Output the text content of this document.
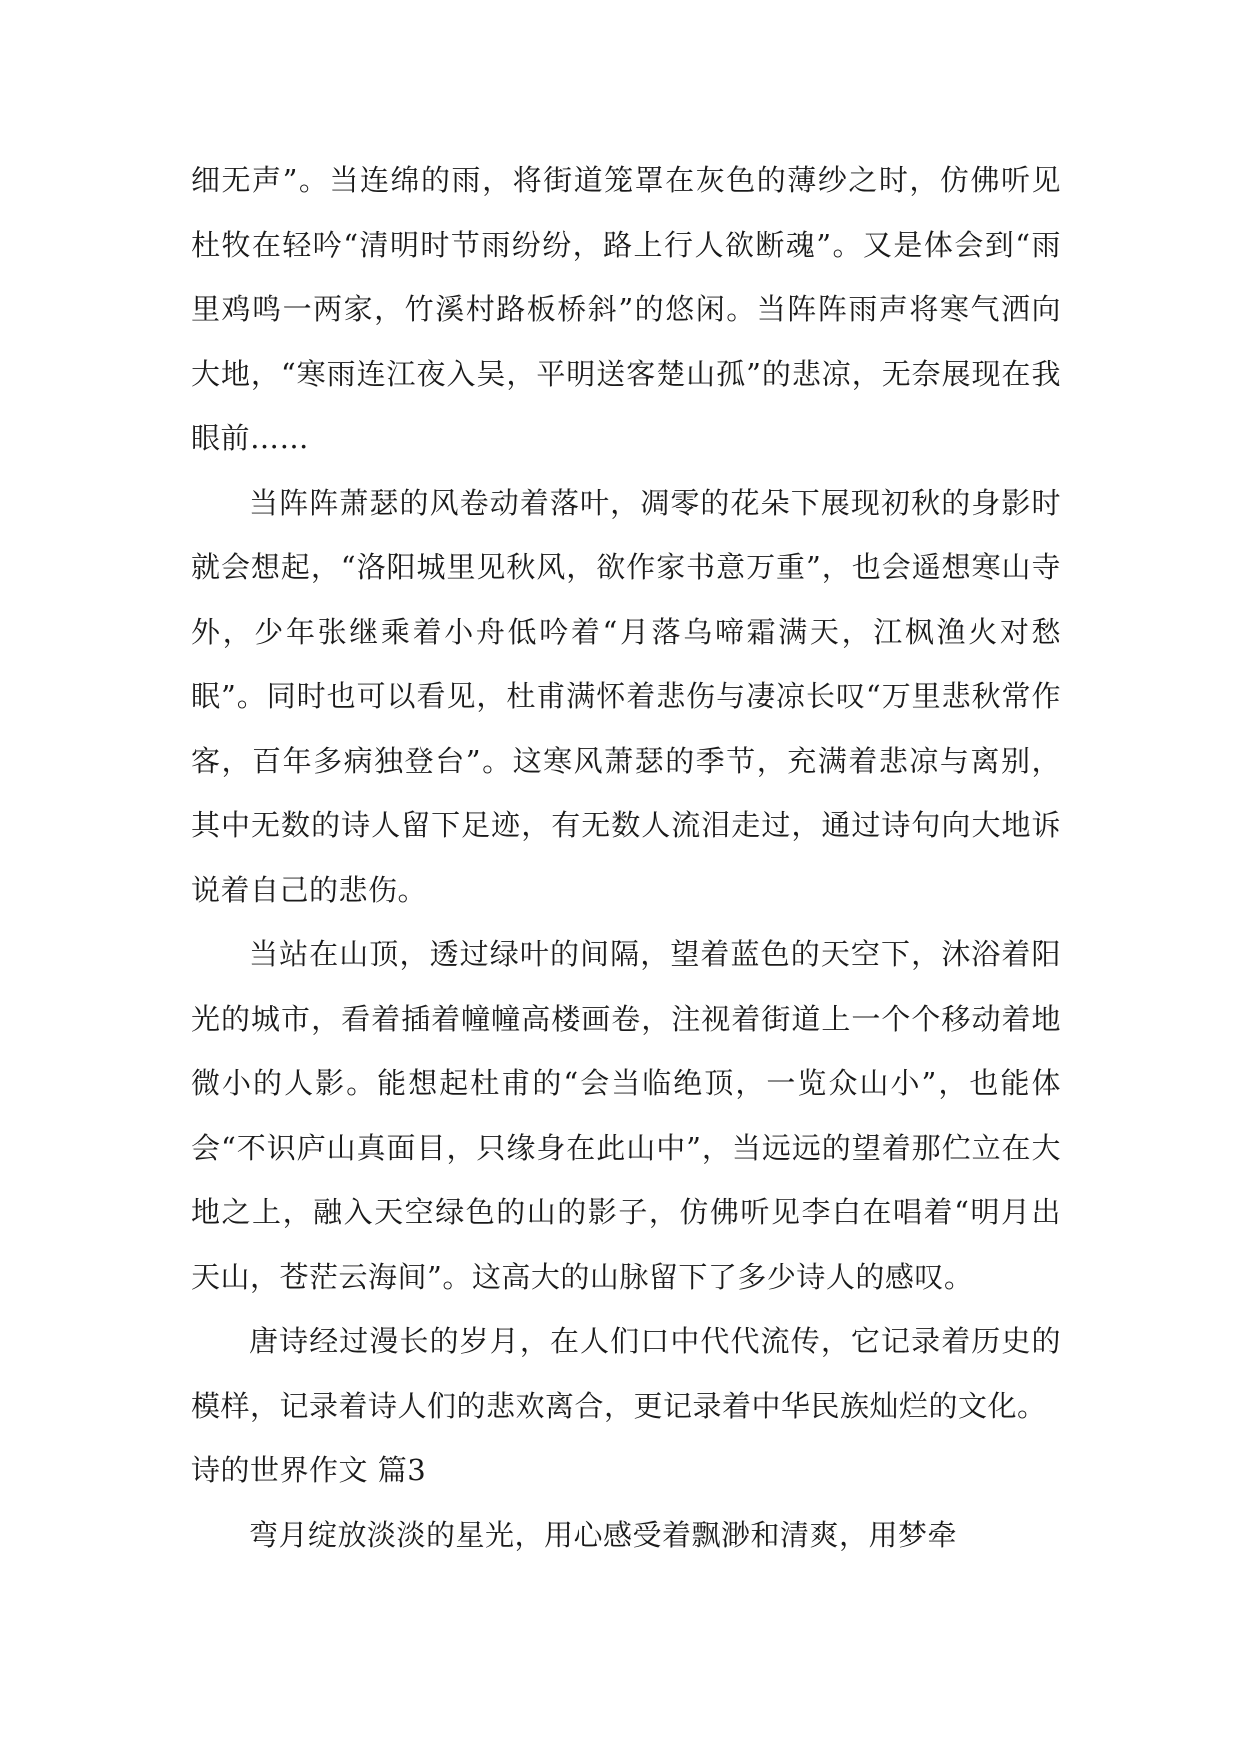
细无声”。当连绵的雨，将街道笼罩在灰色的薄纱之时，仿佛听见杜牧在轻吟“清明时节雨纷纷，路上行人欲断魂”。又是体会到“雨里鸡鸣一两家，竹溪村路板桥斜”的悠闲。当阵阵雨声将寒气洒向大地，“寒雨连江夜入吴，平明送客楚山孤”的悲凉，无奈展现在我眼前……

当阵阵萧瑟的风卷动着落叶，凋零的花朵下展现初秋的身影时就会想起，“洛阳城里见秋风，欲作家书意万重”，也会遥想寒山寺外，少年张继乘着小舟低吟着“月落乌啼霜满天，江枫渔火对愁眠”。同时也可以看见，杜甫满怀着悲伤与凄凉长叹“万里悲秋常作客，百年多病独登台”。这寒风萧瑟的季节，充满着悲凉与离别，其中无数的诗人留下足迹，有无数人流泪走过，通过诗句向大地诉说着自己的悲伤。

当站在山顶，透过绿叶的间隔，望着蓝色的天空下，沐浴着阳光的城市，看着插着幢幢高楼画卷，注视着街道上一个个移动着地微小的人影。能想起杜甫的“会当临绝顶，一览众山小”，也能体会“不识庐山真面目，只缘身在此山中”，当远远的望着那伫立在大地之上，融入天空绿色的山的影子，仿佛听见李白在唱着“明月出天山，苍茫云海间”。这高大的山脉留下了多少诗人的感叹。

唐诗经过漫长的岁月，在人们口中代代流传，它记录着历史的模样，记录着诗人们的悲欢离合，更记录着中华民族灿烂的文化。

诗的世界作文 篇3

弯月绽放淡淡的星光，用心感受着飘渺和清爽，用梦牵
